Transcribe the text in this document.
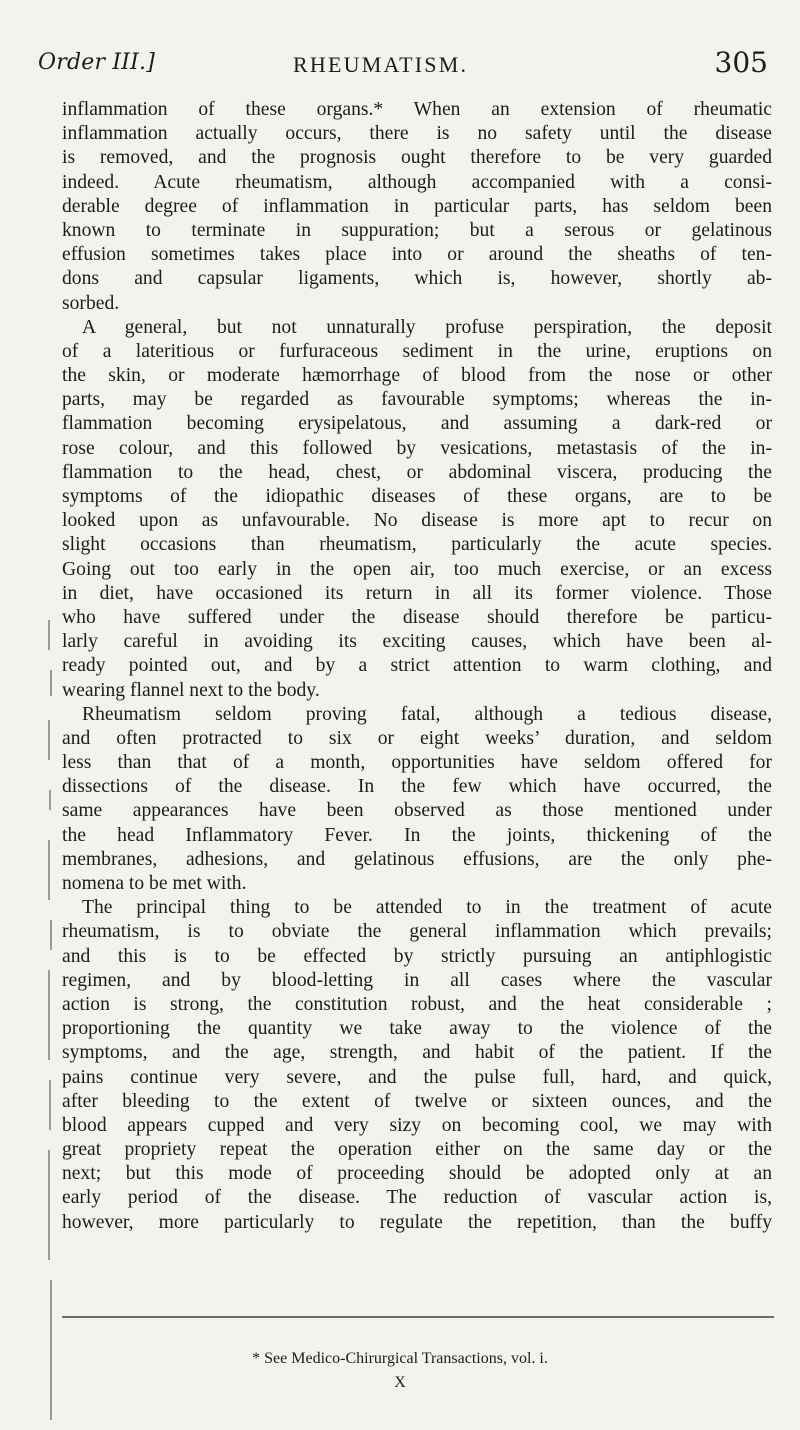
Order III.]	RHEUMATISM.	305
inflammation of these organs.* When an extension of rheumatic
inflammation actually occurs, there is no safety until the disease
is removed, and the prognosis ought therefore to be very guarded
indeed. Acute rheumatism, although accompanied with a consi-
derable degree of inflammation in particular parts, has seldom been
known to terminate in suppuration; but a serous or gelatinous
effusion sometimes takes place into or around the sheaths of ten-
dons and capsular ligaments, which is, however, shortly ab-
sorbed.
A general, but not unnaturally profuse perspiration, the deposit
of a lateritious or furfuraceous sediment in the urine, eruptions on
the skin, or moderate hæmorrhage of blood from the nose or other
parts, may be regarded as favourable symptoms; whereas the in-
flammation becoming erysipelatous, and assuming a dark-red or
rose colour, and this followed by vesications, metastasis of the in-
flammation to the head, chest, or abdominal viscera, producing the
symptoms of the idiopathic diseases of these organs, are to be
looked upon as unfavourable. No disease is more apt to recur on
slight occasions than rheumatism, particularly the acute species.
Going out too early in the open air, too much exercise, or an excess
in diet, have occasioned its return in all its former violence. Those
who have suffered under the disease should therefore be particu-
larly careful in avoiding its exciting causes, which have been al-
ready pointed out, and by a strict attention to warm clothing, and
wearing flannel next to the body.
Rheumatism seldom proving fatal, although a tedious disease,
and often protracted to six or eight weeks’ duration, and seldom
less than that of a month, opportunities have seldom offered for
dissections of the disease. In the few which have occurred, the
same appearances have been observed as those mentioned under
the head Inflammatory Fever. In the joints, thickening of the
membranes, adhesions, and gelatinous effusions, are the only phe-
nomena to be met with.
The principal thing to be attended to in the treatment of acute
rheumatism, is to obviate the general inflammation which prevails;
and this is to be effected by strictly pursuing an antiphlogistic
regimen, and by blood-letting in all cases where the vascular
action is strong, the constitution robust, and the heat considerable ;
proportioning the quantity we take away to the violence of the
symptoms, and the age, strength, and habit of the patient. If the
pains continue very severe, and the pulse full, hard, and quick,
after bleeding to the extent of twelve or sixteen ounces, and the
blood appears cupped and very sizy on becoming cool, we may with
great propriety repeat the operation either on the same day or the
next; but this mode of proceeding should be adopted only at an
early period of the disease. The reduction of vascular action is,
however, more particularly to regulate the repetition, than the buffy
* See Medico-Chirurgical Transactions, vol. i.
X
